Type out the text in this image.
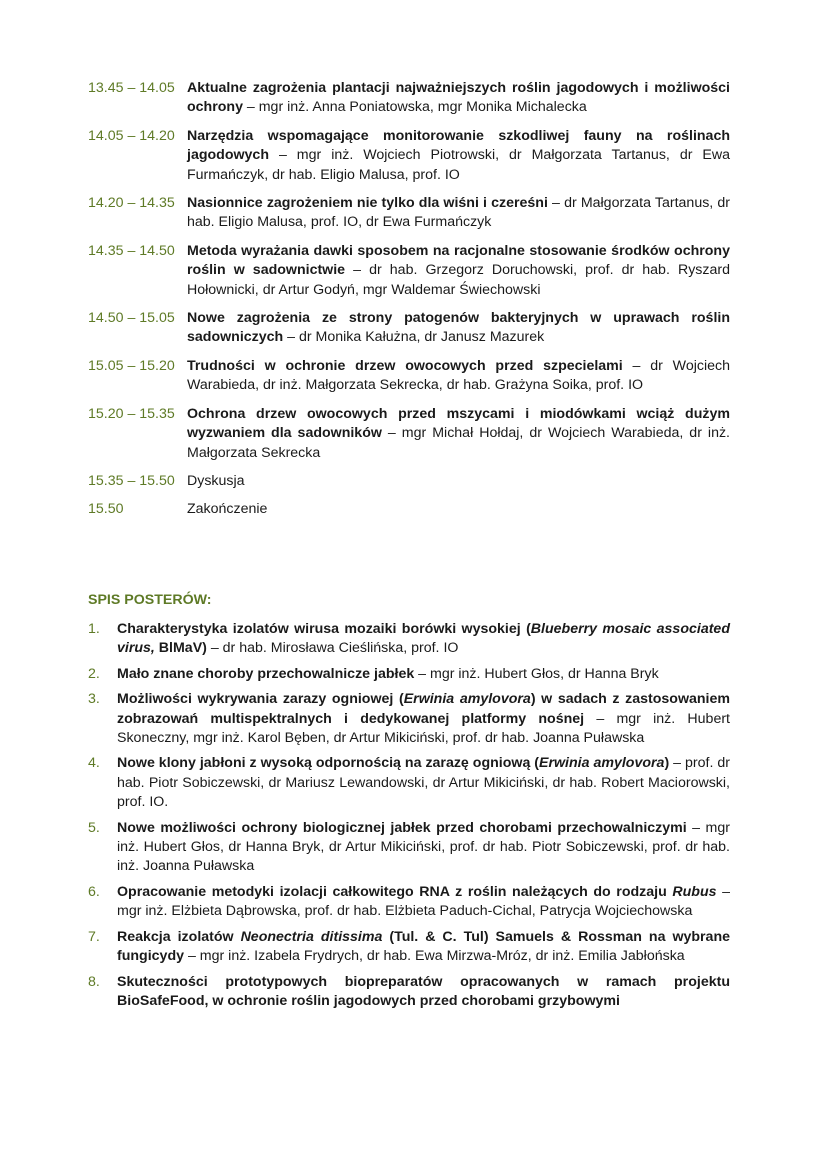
13.45 – 14.05 Aktualne zagrożenia plantacji najważniejszych roślin jagodowych i możliwości ochrony – mgr inż. Anna Poniatowska, mgr Monika Michalecka
14.05 – 14.20 Narzędzia wspomagające monitorowanie szkodliwej fauny na roślinach jagodowych – mgr inż. Wojciech Piotrowski, dr Małgorzata Tartanus, dr Ewa Furmańczyk, dr hab. Eligio Malusa, prof. IO
14.20 – 14.35 Nasionnice zagrożeniem nie tylko dla wiśni i czereśni – dr Małgorzata Tartanus, dr hab. Eligio Malusa, prof. IO, dr Ewa Furmańczyk
14.35 – 14.50 Metoda wyrażania dawki sposobem na racjonalne stosowanie środków ochrony roślin w sadownictwie – dr hab. Grzegorz Doruchowski, prof. dr hab. Ryszard Hołownicki, dr Artur Godyń, mgr Waldemar Świechowski
14.50 – 15.05 Nowe zagrożenia ze strony patogenów bakteryjnych w uprawach roślin sadowniczych – dr Monika Kałużna, dr Janusz Mazurek
15.05 – 15.20 Trudności w ochronie drzew owocowych przed szpecielami – dr Wojciech Warabieda, dr inż. Małgorzata Sekrecka, dr hab. Grażyna Soika, prof. IO
15.20 – 15.35 Ochrona drzew owocowych przed mszycami i miodówkami wciąż dużym wyzwaniem dla sadowników – mgr Michał Hołdaj, dr Wojciech Warabieda, dr inż. Małgorzata Sekrecka
15.35 – 15.50 Dyskusja
15.50	Zakończenie
SPIS POSTERÓW:
1.	Charakterystyka izolatów wirusa mozaiki borówki wysokiej (Blueberry mosaic associated virus, BlMaV) – dr hab. Mirosława Cieślińska, prof. IO
2.	Mało znane choroby przechowalnicze jabłek – mgr inż. Hubert Głos, dr Hanna Bryk
3.	Możliwości wykrywania zarazy ogniowej (Erwinia amylovora) w sadach z zastosowaniem zobrazowań multispektralnych i dedykowanej platformy nośnej – mgr inż. Hubert Skoneczny, mgr inż. Karol Bęben, dr Artur Mikiciński, prof. dr hab. Joanna Puławska
4.	Nowe klony jabłoni z wysoką odpornością na zarazę ogniową (Erwinia amylovora) – prof. dr hab. Piotr Sobiczewski, dr Mariusz Lewandowski, dr Artur Mikiciński, dr hab. Robert Maciorowski, prof. IO.
5.	Nowe możliwości ochrony biologicznej jabłek przed chorobami przechowalniczymi – mgr inż. Hubert Głos, dr Hanna Bryk, dr Artur Mikiciński, prof. dr hab. Piotr Sobiczewski, prof. dr hab. inż. Joanna Puławska
6.	Opracowanie metodyki izolacji całkowitego RNA z roślin należących do rodzaju Rubus – mgr inż. Elżbieta Dąbrowska, prof. dr hab. Elżbieta Paduch-Cichal, Patrycja Wojciechowska
7.	Reakcja izolatów Neonectria ditissima (Tul. & C. Tul) Samuels & Rossman na wybrane fungicydy – mgr inż. Izabela Frydrych, dr hab. Ewa Mirzwa-Mróz, dr inż. Emilia Jabłońska
8.	Skuteczności prototypowych biopreparatów opracowanych w ramach projektu BioSafeFood, w ochronie roślin jagodowych przed chorobami grzybowymi
